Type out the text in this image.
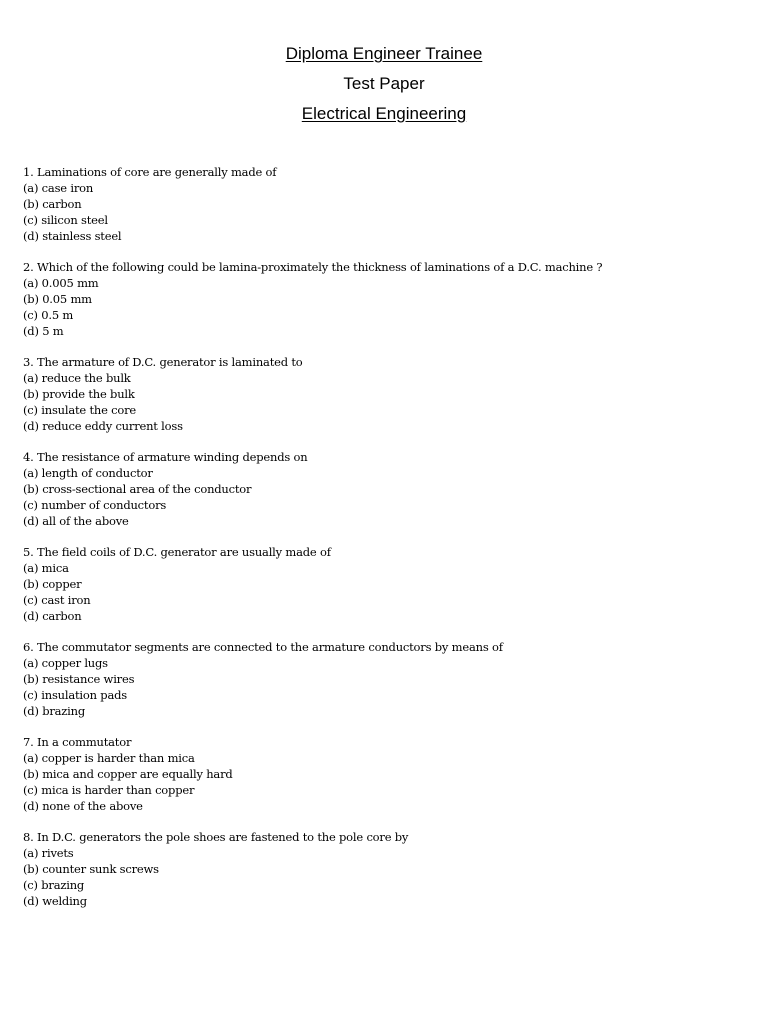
Diploma Engineer Trainee
Test Paper
Electrical Engineering
1. Laminations of core are generally made of
(a) case iron
(b) carbon
(c) silicon steel
(d) stainless steel
2. Which of the following could be lamina-proximately the thickness of laminations of a D.C. machine ?
(a) 0.005 mm
(b) 0.05 mm
(c) 0.5 m
(d) 5 m
3. The armature of D.C. generator is laminated to
(a) reduce the bulk
(b) provide the bulk
(c) insulate the core
(d) reduce eddy current loss
4. The resistance of armature winding depends on
(a) length of conductor
(b) cross-sectional area of the conductor
(c) number of conductors
(d) all of the above
5. The field coils of D.C. generator are usually made of
(a) mica
(b) copper
(c) cast iron
(d) carbon
6. The commutator segments are connected to the armature conductors by means of
(a) copper lugs
(b) resistance wires
(c) insulation pads
(d) brazing
7. In a commutator
(a) copper is harder than mica
(b) mica and copper are equally hard
(c) mica is harder than copper
(d) none of the above
8. In D.C. generators the pole shoes are fastened to the pole core by
(a) rivets
(b) counter sunk screws
(c) brazing
(d) welding
